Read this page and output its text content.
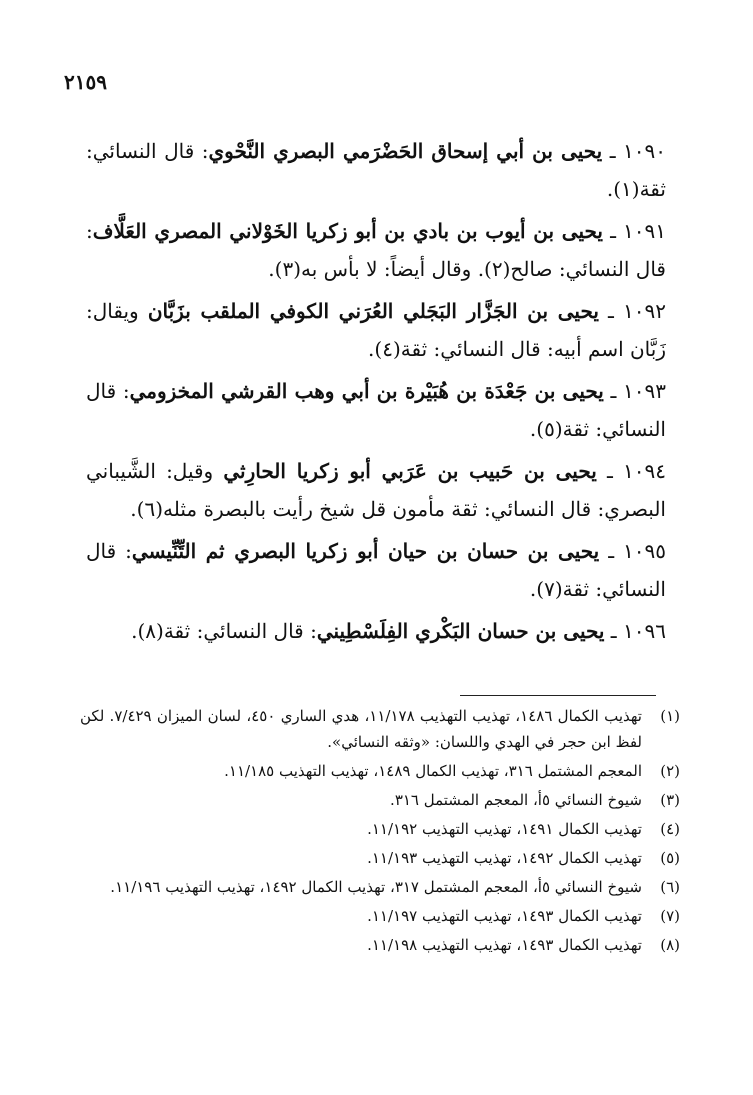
٢١٥٩
١٠٩٠ ـ يحيى بن أبي إسحاق الحَضْرَمي البصري النَّحْوي: قال النسائي: ثقة(١).
١٠٩١ ـ يحيى بن أيوب بن بادي بن أبو زكريا الخَوْلاني المصري العَلَّاف: قال النسائي: صالح(٢). وقال أيضاً: لا بأس به(٣).
١٠٩٢ ـ يحيى بن الجَزَّار البَجَلي العُرَني الكوفي الملقب بزَبَّان ويقال: زَبَّان اسم أبيه: قال النسائي: ثقة(٤).
١٠٩٣ ـ يحيى بن جَعْدَة بن هُبَيْرة بن أبي وهب القرشي المخزومي: قال النسائي: ثقة(٥).
١٠٩٤ ـ يحيى بن حَبيب بن عَرَبي أبو زكريا الحارِثي وقيل: الشَّيباني البصري: قال النسائي: ثقة مأمون قل شيخ رأيت بالبصرة مثله(٦).
١٠٩٥ ـ يحيى بن حسان بن حيان أبو زكريا البصري ثم التِّنِّيسي: قال النسائي: ثقة(٧).
١٠٩٦ ـ يحيى بن حسان البَكْري الفِلَسْطِيني: قال النسائي: ثقة(٨).
(١)
تهذيب الكمال ١٤٨٦، تهذيب التهذيب ١١/١٧٨، هدي الساري ٤٥٠، لسان الميزان ٧/٤٢٩. لكن لفظ ابن حجر في الهدي واللسان: «وثقه النسائي».
(٢)
المعجم المشتمل ٣١٦، تهذيب الكمال ١٤٨٩، تهذيب التهذيب ١١/١٨٥.
(٣)
شيوخ النسائي ٥أ، المعجم المشتمل ٣١٦.
(٤)
تهذيب الكمال ١٤٩١، تهذيب التهذيب ١١/١٩٢.
(٥)
تهذيب الكمال ١٤٩٢، تهذيب التهذيب ١١/١٩٣.
(٦)
شيوخ النسائي ٥أ، المعجم المشتمل ٣١٧، تهذيب الكمال ١٤٩٢، تهذيب التهذيب ١١/١٩٦.
(٧)
تهذيب الكمال ١٤٩٣، تهذيب التهذيب ١١/١٩٧.
(٨)
تهذيب الكمال ١٤٩٣، تهذيب التهذيب ١١/١٩٨.
